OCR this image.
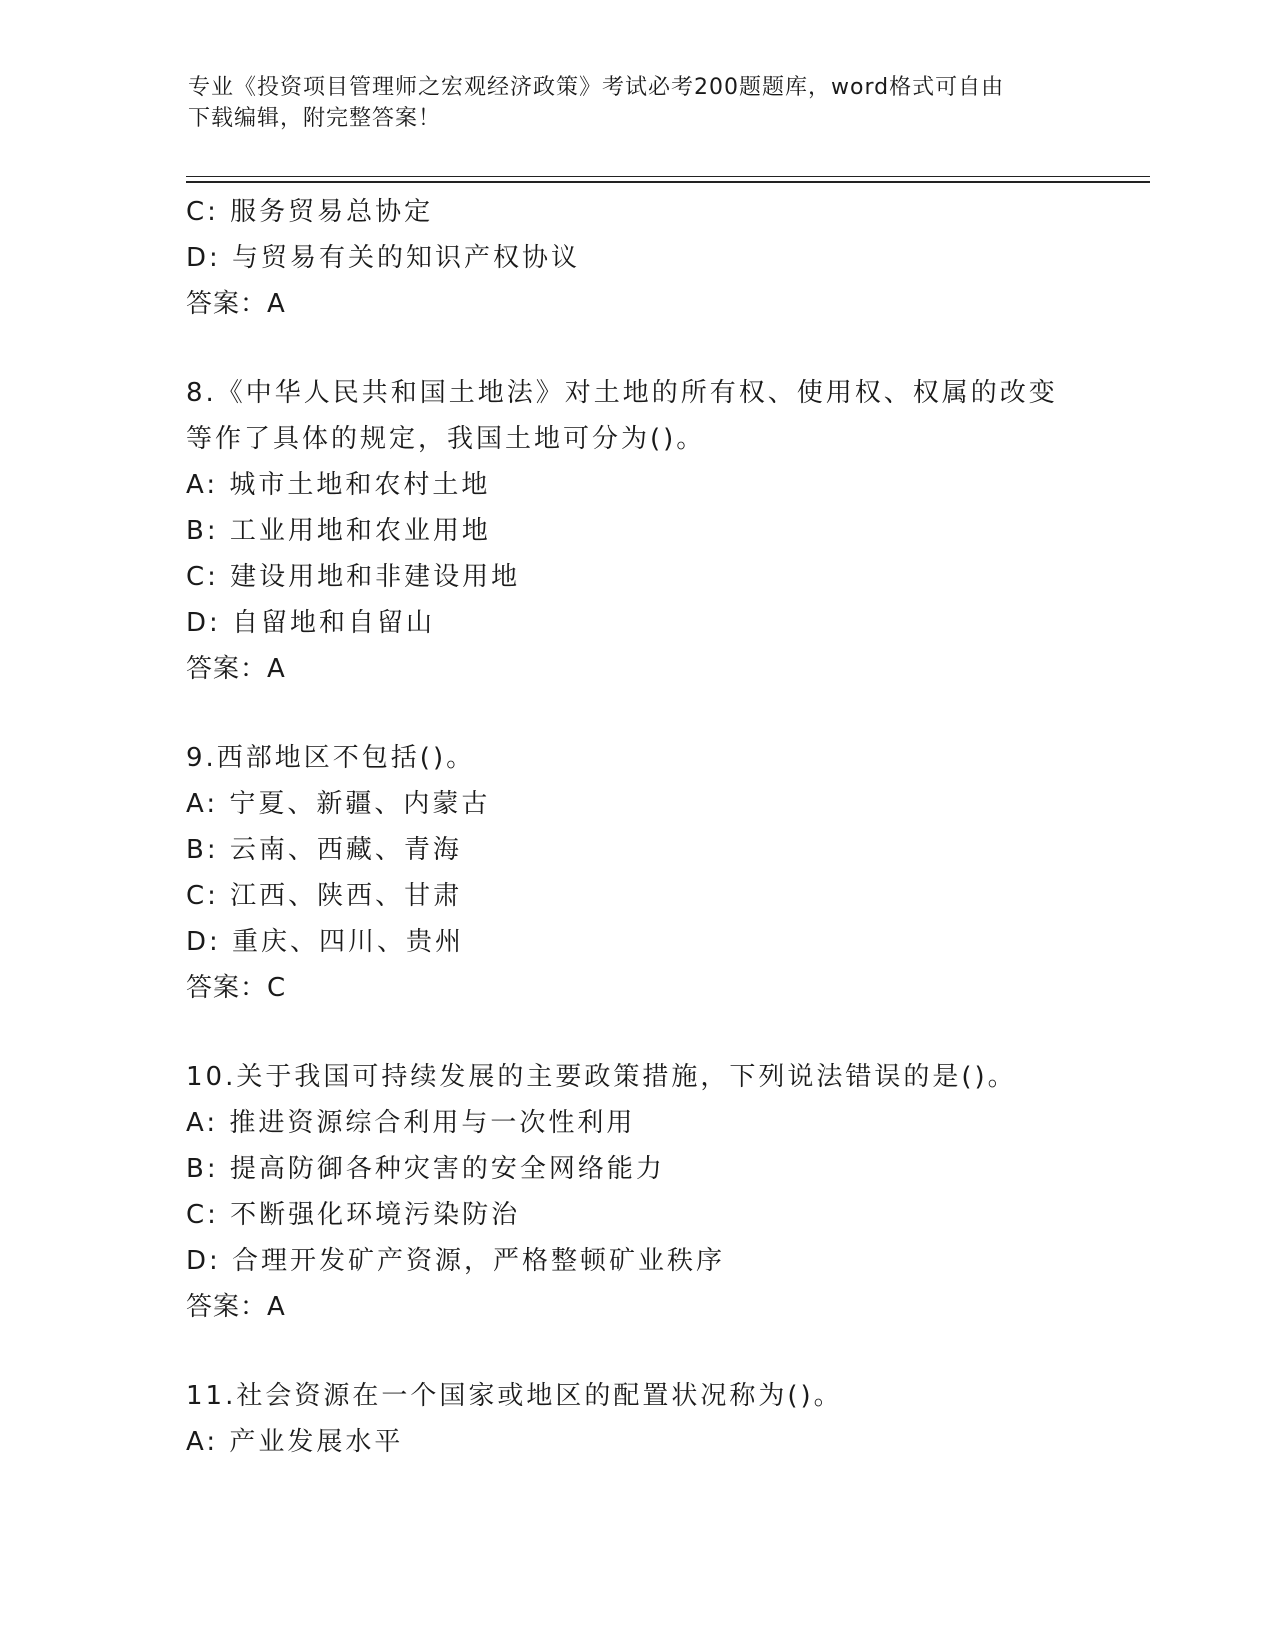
专业《投资项目管理师之宏观经济政策》考试必考200题题库，word格式可自由
下载编辑，附完整答案！
C: 服务贸易总协定
D: 与贸易有关的知识产权协议
答案：A
8.《中华人民共和国土地法》对土地的所有权、使用权、权属的改变
等作了具体的规定，我国土地可分为()。
A: 城市土地和农村土地
B: 工业用地和农业用地
C: 建设用地和非建设用地
D: 自留地和自留山
答案：A
9.西部地区不包括()。
A: 宁夏、新疆、内蒙古
B: 云南、西藏、青海
C: 江西、陕西、甘肃
D: 重庆、四川、贵州
答案：C
10.关于我国可持续发展的主要政策措施，下列说法错误的是()。
A: 推进资源综合利用与一次性利用
B: 提高防御各种灾害的安全网络能力
C: 不断强化环境污染防治
D: 合理开发矿产资源，严格整顿矿业秩序
答案：A
11.社会资源在一个国家或地区的配置状况称为()。
A: 产业发展水平
